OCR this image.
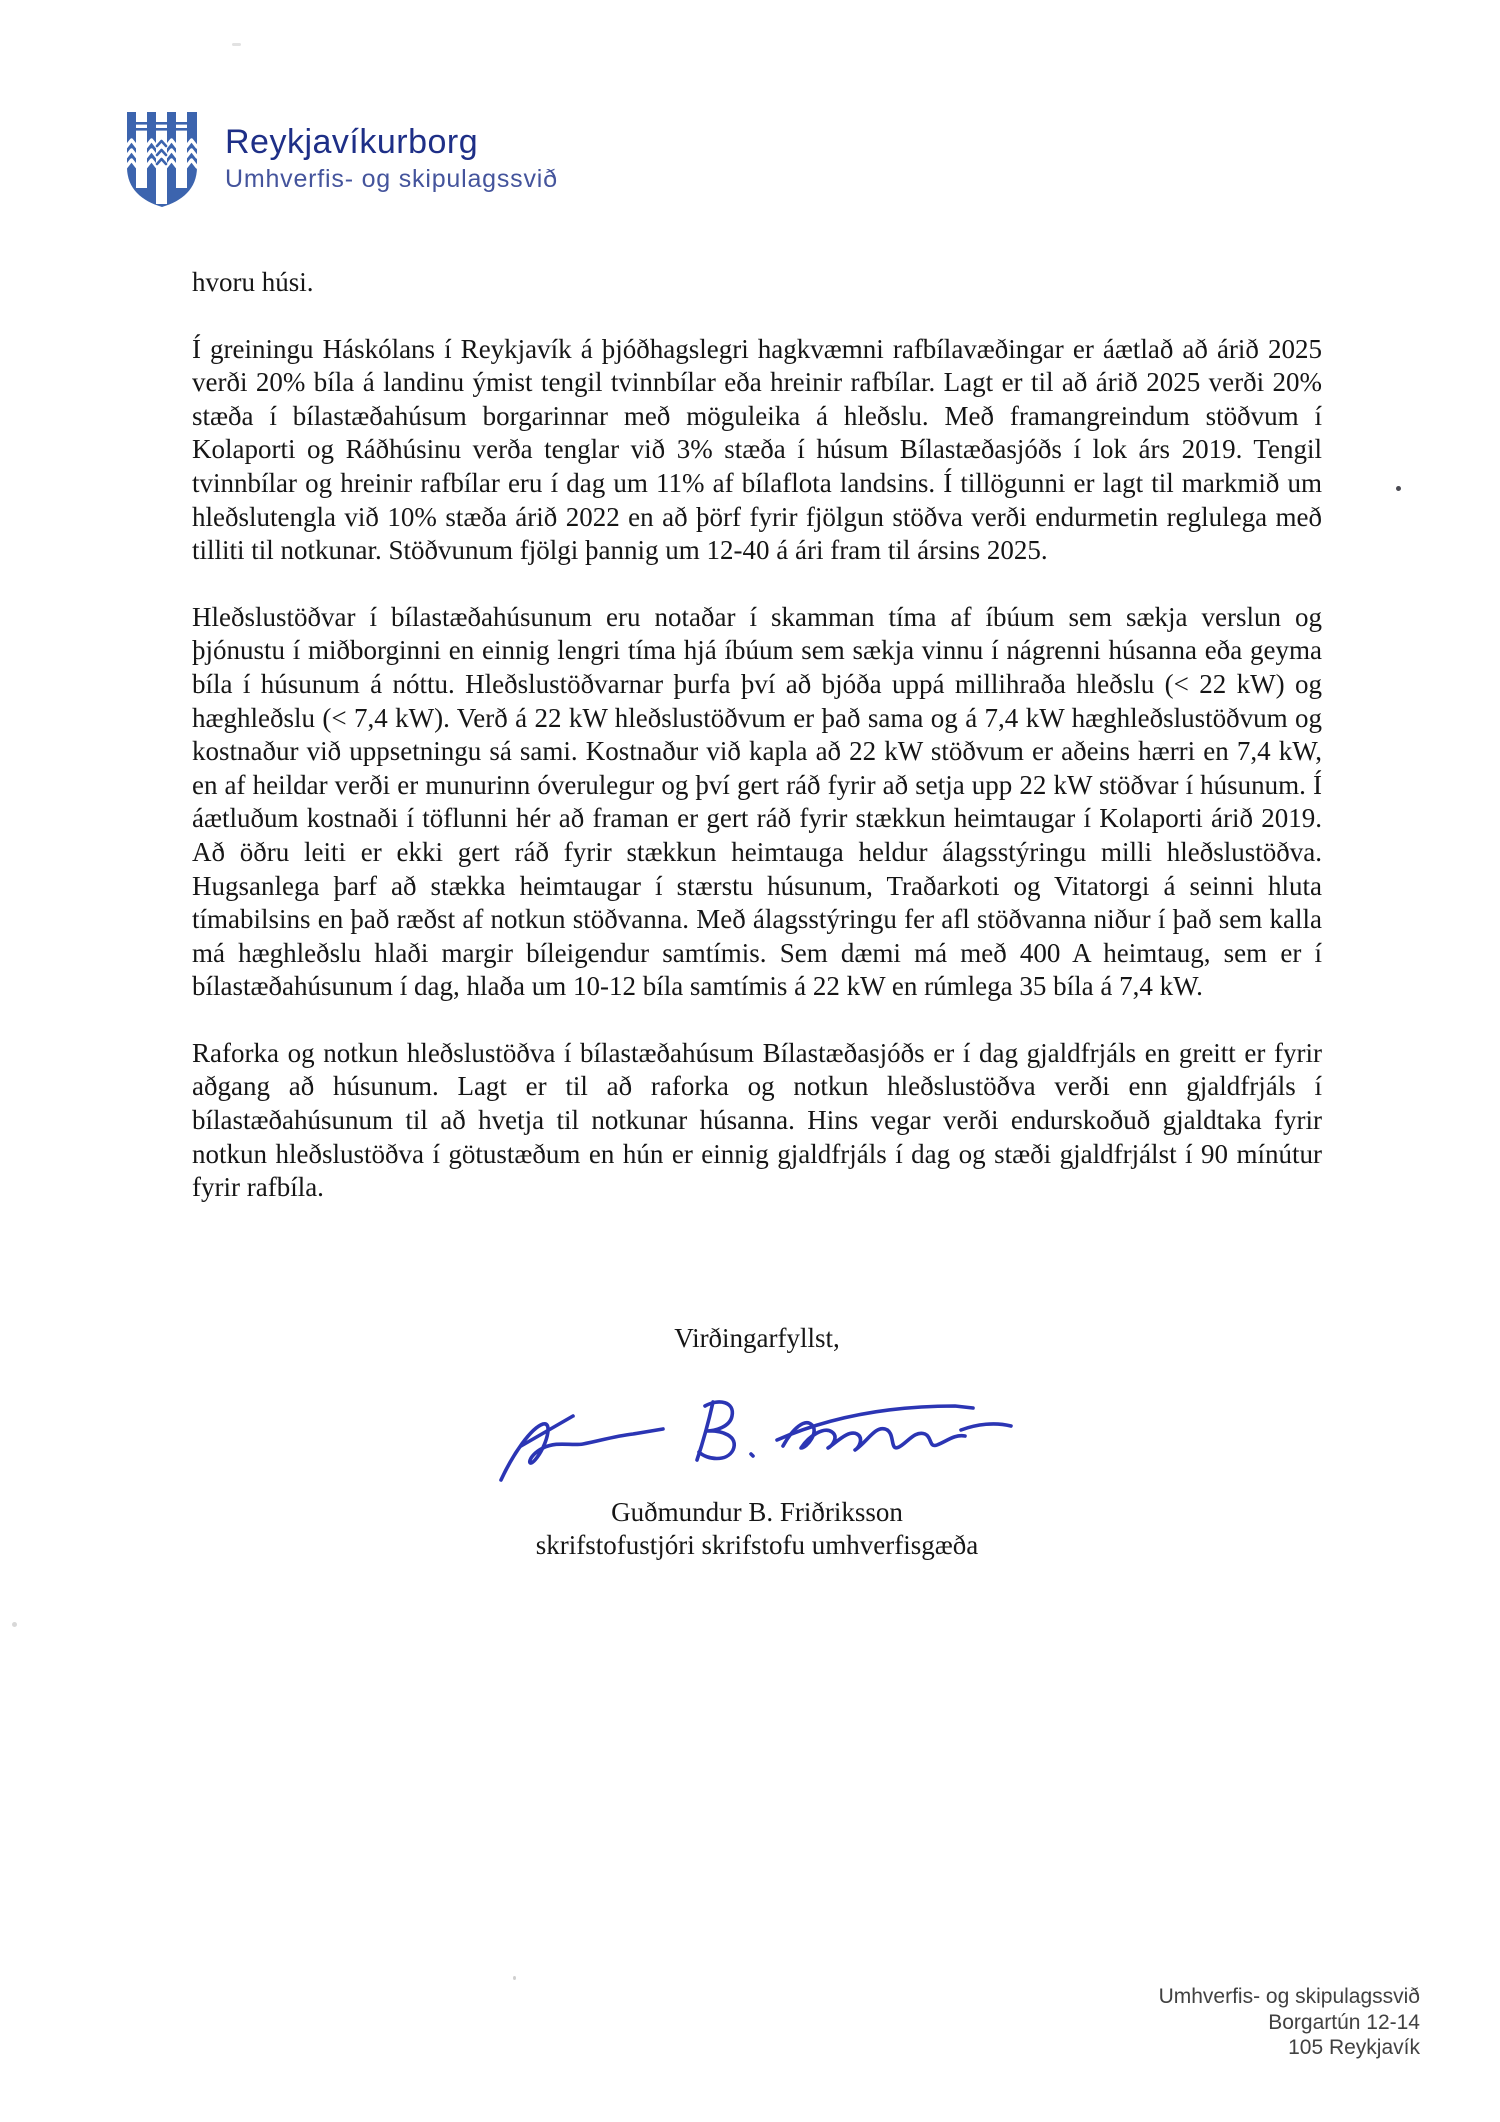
Reykjavíkurborg
Umhverfis- og skipulagssvið

hvoru húsi.

Í greiningu Háskólans í Reykjavík á þjóðhagslegri hagkvæmni rafbílavæðingar er áætlað að árið 2025 verði 20% bíla á landinu ýmist tengil tvinnbílar eða hreinir rafbílar. Lagt er til að árið 2025 verði 20% stæða í bílastæðahúsum borgarinnar með möguleika á hleðslu. Með framangreindum stöðvum í Kolaporti og Ráðhúsinu verða tenglar við 3% stæða í húsum Bílastæðasjóðs í lok árs 2019. Tengil tvinnbílar og hreinir rafbílar eru í dag um 11% af bílaflota landsins. Í tillögunni er lagt til markmið um hleðslutengla við 10% stæða árið 2022 en að þörf fyrir fjölgun stöðva verði endurmetin reglulega með tilliti til notkunar. Stöðvunum fjölgi þannig um 12-40 á ári fram til ársins 2025.

Hleðslustöðvar í bílastæðahúsunum eru notaðar í skamman tíma af íbúum sem sækja verslun og þjónustu í miðborginni en einnig lengri tíma hjá íbúum sem sækja vinnu í nágrenni húsanna eða geyma bíla í húsunum á nóttu. Hleðslustöðvarnar þurfa því að bjóða uppá millihraða hleðslu (< 22 kW) og hæghleðslu (< 7,4 kW). Verð á 22 kW hleðslustöðvum er það sama og á 7,4 kW hæghleðslustöðvum og kostnaður við uppsetningu sá sami. Kostnaður við kapla að 22 kW stöðvum er aðeins hærri en 7,4 kW, en af heildar verði er munurinn óverulegur og því gert ráð fyrir að setja upp 22 kW stöðvar í húsunum. Í áætluðum kostnaði í töflunni hér að framan er gert ráð fyrir stækkun heimtaugar í Kolaporti árið 2019. Að öðru leiti er ekki gert ráð fyrir stækkun heimtauga heldur álagsstýringu milli hleðslustöðva. Hugsanlega þarf að stækka heimtaugar í stærstu húsunum, Traðarkoti og Vitatorgi á seinni hluta tímabilsins en það ræðst af notkun stöðvanna. Með álagsstýringu fer afl stöðvanna niður í það sem kalla má hæghleðslu hlaði margir bíleigendur samtímis. Sem dæmi má með 400 A heimtaug, sem er í bílastæðahúsunum í dag, hlaða um 10-12 bíla samtímis á 22 kW en rúmlega 35 bíla á 7,4 kW.

Raforka og notkun hleðslustöðva í bílastæðahúsum Bílastæðasjóðs er í dag gjaldfrjáls en greitt er fyrir aðgang að húsunum. Lagt er til að raforka og notkun hleðslustöðva verði enn gjaldfrjáls í bílastæðahúsunum til að hvetja til notkunar húsanna. Hins vegar verði endurskoðuð gjaldtaka fyrir notkun hleðslustöðva í götustæðum en hún er einnig gjaldfrjáls í dag og stæði gjaldfrjálst í 90 mínútur fyrir rafbíla.

Virðingarfyllst,

Guðmundur B. Friðriksson

skrifstofustjóri skrifstofu umhverfisgæða

Umhverfis- og skipulagssvið
Borgartún 12-14
105 Reykjavík
